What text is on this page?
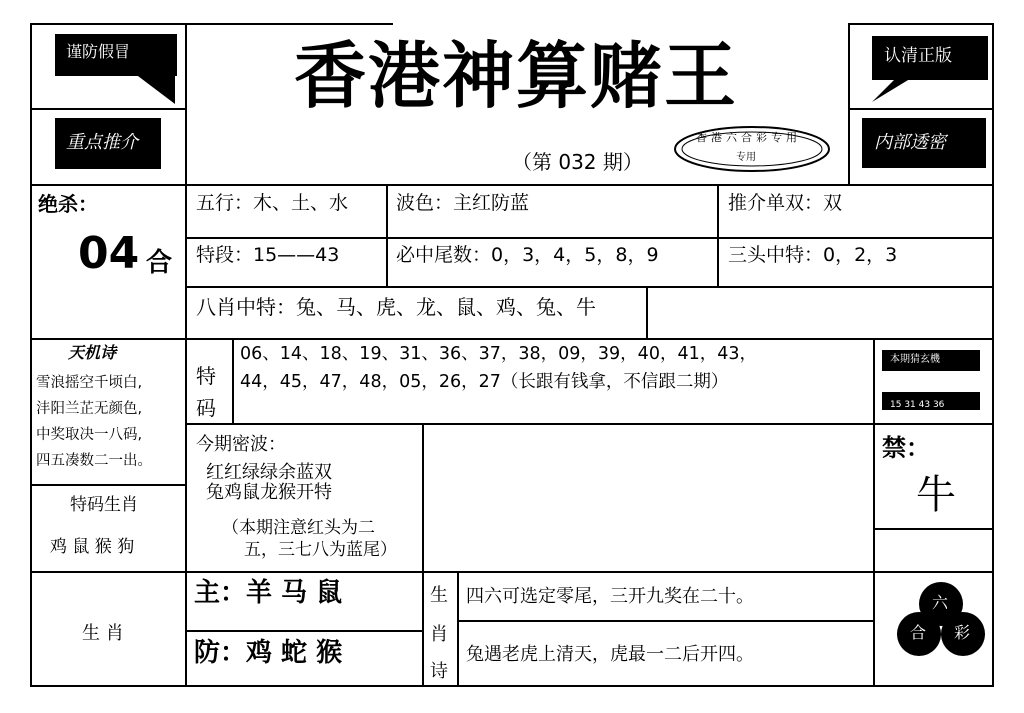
谨防假冒
重点推介
香港神算赌王
（第 032 期）
香港六合彩专用
专用
认清正版
内部透密
绝杀：
04 合
五行：木、土、水	波色：主红防蓝	推介单双：双
特段：15——43	必中尾数：0，3，4，5，8，9	三头中特：0，2，3
八肖中特：兔、马、虎、龙、鼠、鸡、兔、牛
天机诗
雪浪摇空千顷白,
沣阳兰芷无颜色,
中奖取决一八码,
四五凑数二一出。
特
码
06、14、18、19、31、36、37，38，09，39，40，41，43，
44，45，47，48，05，26，27（长跟有钱拿，不信跟二期）
本期猜玄機
15 31 43 36
今期密波：
红红绿绿余蓝双
兔鸡鼠龙猴开特
（本期注意红头为二
五，三七八为蓝尾）
禁：
牛
特码生肖
鸡 鼠 猴 狗
生 肖
主：羊 马 鼠
防：鸡 蛇 猴
生
肖
诗
四六可选定零尾，三开九奖在二十。
兔遇老虎上清天，虎最一二后开四。
六
合 彩
